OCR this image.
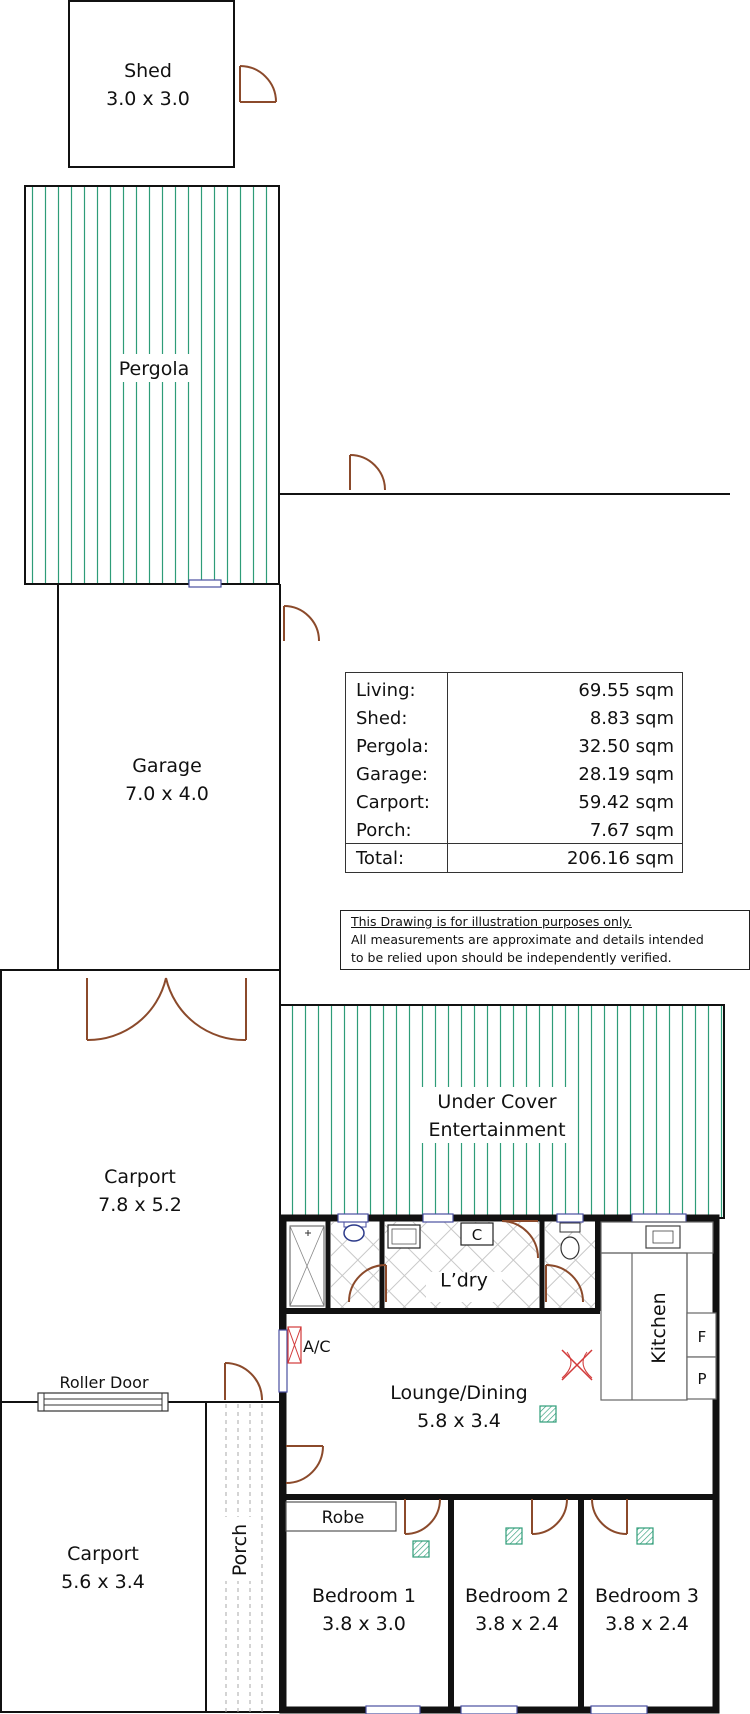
Shed
3.0 x 3.0
Pergola
Garage
7.0 x 4.0
Carport
7.8 x 5.2
Roller Door
Carport
5.6 x 3.4
Porch
Under Cover
Entertainment
C
L’dry
Kitchen F
P
A/C
Lounge/Dining
5.8 x 3.4
Robe
Bedroom 1
3.8 x 3.0
Bedroom 2
3.8 x 2.4
Bedroom 3
3.8 x 2.4
Living:	69.55 sqm
Shed:	8.83 sqm
Pergola:	32.50 sqm
Garage:	28.19 sqm
Carport:	59.42 sqm
Porch:	7.67 sqm
Total:	206.16 sqm
This Drawing is for illustration purposes only.
All measurements are approximate and details intended
to be relied upon should be independently verified.
